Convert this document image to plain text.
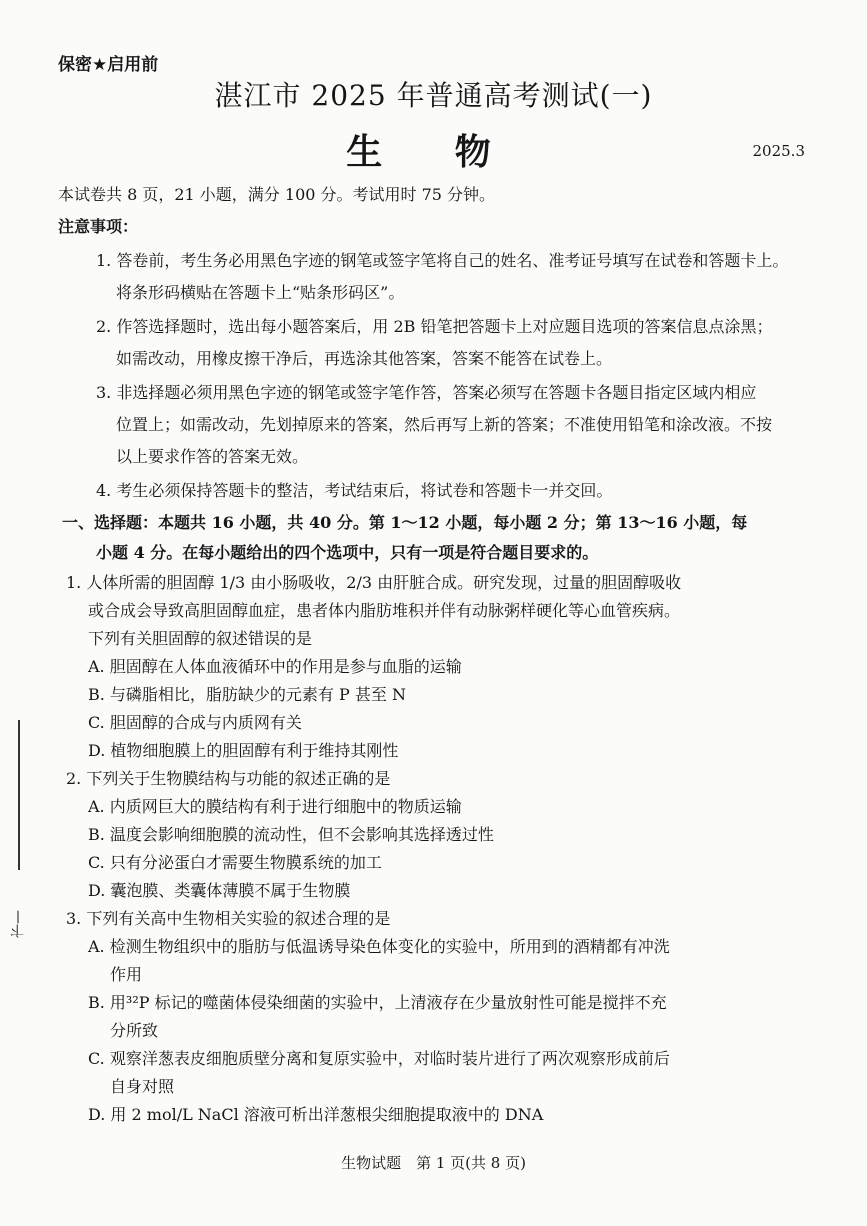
保密★启用前
湛江市 2025 年普通高考测试(一)
生 物	2025.3
本试卷共 8 页，21 小题，满分 100 分。考试用时 75 分钟。
注意事项：
1. 答卷前，考生务必用黑色字迹的钢笔或签字笔将自己的姓名、准考证号填写在试卷和答题卡上。
将条形码横贴在答题卡上“贴条形码区”。
2. 作答选择题时，选出每小题答案后，用 2B 铅笔把答题卡上对应题目选项的答案信息点涂黑；
如需改动，用橡皮擦干净后，再选涂其他答案，答案不能答在试卷上。
3. 非选择题必须用黑色字迹的钢笔或签字笔作答，答案必须写在答题卡各题目指定区域内相应
位置上；如需改动，先划掉原来的答案，然后再写上新的答案；不准使用铅笔和涂改液。不按
以上要求作答的答案无效。
4. 考生必须保持答题卡的整洁，考试结束后，将试卷和答题卡一并交回。
一、选择题：本题共 16 小题，共 40 分。第 1～12 小题，每小题 2 分；第 13～16 小题，每
小题 4 分。在每小题给出的四个选项中，只有一项是符合题目要求的。
1. 人体所需的胆固醇 1/3 由小肠吸收，2/3 由肝脏合成。研究发现，过量的胆固醇吸收
或合成会导致高胆固醇血症，患者体内脂肪堆积并伴有动脉粥样硬化等心血管疾病。
下列有关胆固醇的叙述错误的是
A. 胆固醇在人体血液循环中的作用是参与血脂的运输
B. 与磷脂相比，脂肪缺少的元素有 P 甚至 N
C. 胆固醇的合成与内质网有关
D. 植物细胞膜上的胆固醇有利于维持其刚性
2. 下列关于生物膜结构与功能的叙述正确的是
A. 内质网巨大的膜结构有利于进行细胞中的物质运输
B. 温度会影响细胞膜的流动性，但不会影响其选择透过性
C. 只有分泌蛋白才需要生物膜系统的加工
D. 囊泡膜、类囊体薄膜不属于生物膜
3. 下列有关高中生物相关实验的叙述合理的是
A. 检测生物组织中的脂肪与低温诱导染色体变化的实验中，所用到的酒精都有冲洗
作用
B. 用³²P 标记的噬菌体侵染细菌的实验中，上清液存在少量放射性可能是搅拌不充
分所致
C. 观察洋葱表皮细胞质壁分离和复原实验中，对临时装片进行了两次观察形成前后
自身对照
D. 用 2 mol/L NaCl 溶液可析出洋葱根尖细胞提取液中的 DNA
卞—
生物试题　第 1 页(共 8 页)
